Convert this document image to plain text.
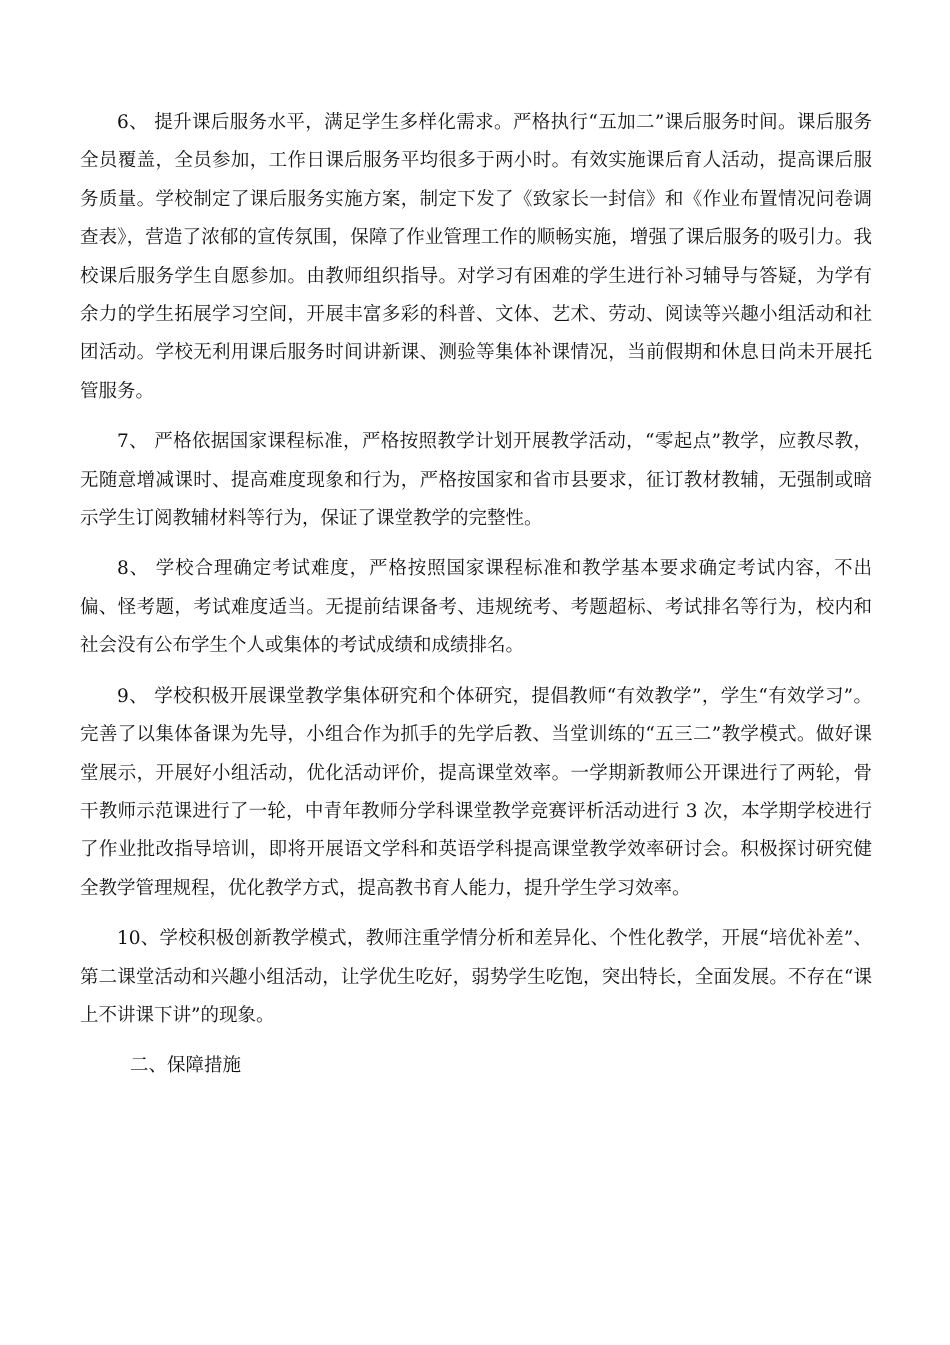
6、 提升课后服务水平，满足学生多样化需求。严格执行“五加二”课后服务时间。课后服务全员覆盖，全员参加，工作日课后服务平均很多于两小时。有效实施课后育人活动，提高课后服务质量。学校制定了课后服务实施方案，制定下发了《致家长一封信》和《作业布置情况问卷调查表》，营造了浓郁的宣传氛围，保障了作业管理工作的顺畅实施，增强了课后服务的吸引力。我校课后服务学生自愿参加。由教师组织指导。对学习有困难的学生进行补习辅导与答疑，为学有余力的学生拓展学习空间，开展丰富多彩的科普、文体、艺术、劳动、阅读等兴趣小组活动和社团活动。学校无利用课后服务时间讲新课、测验等集体补课情况，当前假期和休息日尚未开展托管服务。

7、 严格依据国家课程标准，严格按照教学计划开展教学活动，“零起点”教学，应教尽教，无随意增减课时、提高难度现象和行为，严格按国家和省市县要求，征订教材教辅，无强制或暗示学生订阅教辅材料等行为，保证了课堂教学的完整性。

8、 学校合理确定考试难度，严格按照国家课程标准和教学基本要求确定考试内容，不出偏、怪考题，考试难度适当。无提前结课备考、违规统考、考题超标、考试排名等行为，校内和社会没有公布学生个人或集体的考试成绩和成绩排名。

9、 学校积极开展课堂教学集体研究和个体研究，提倡教师“有效教学”，学生“有效学习”。完善了以集体备课为先导，小组合作为抓手的先学后教、当堂训练的“五三二”教学模式。做好课堂展示，开展好小组活动，优化活动评价，提高课堂效率。一学期新教师公开课进行了两轮，骨干教师示范课进行了一轮，中青年教师分学科课堂教学竞赛评析活动进行 3 次，本学期学校进行了作业批改指导培训，即将开展语文学科和英语学科提高课堂教学效率研讨会。积极探讨研究健全教学管理规程，优化教学方式，提高教书育人能力，提升学生学习效率。

10、学校积极创新教学模式，教师注重学情分析和差异化、个性化教学，开展“培优补差”、第二课堂活动和兴趣小组活动，让学优生吃好，弱势学生吃饱，突出特长，全面发展。不存在“课上不讲课下讲”的现象。

二、保障措施
